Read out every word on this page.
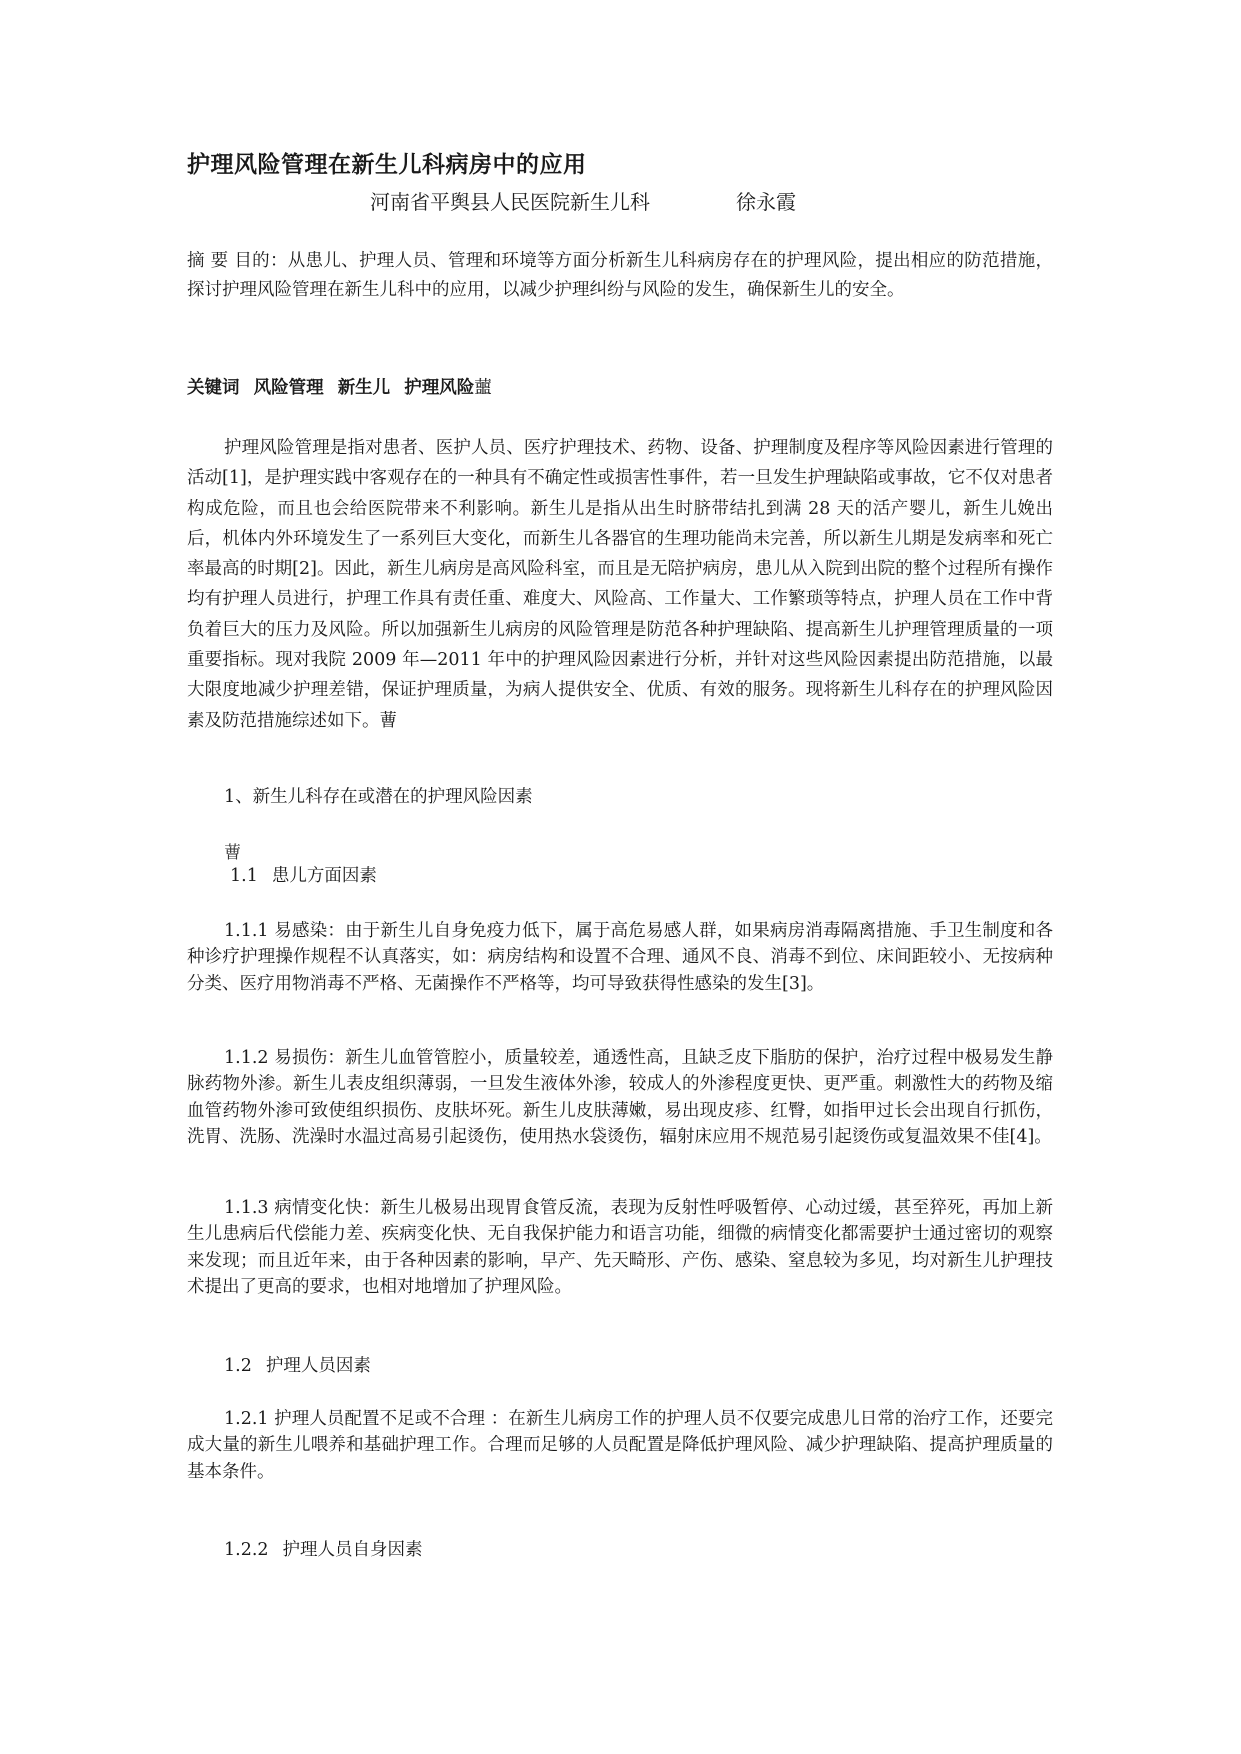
护理风险管理在新生儿科病房中的应用
河南省平舆县人民医院新生儿科	徐永霞
摘 要 目的：从患儿、护理人员、管理和环境等方面分析新生儿科病房存在的护理风险，提出相应的防范措施，探讨护理风险管理在新生儿科中的应用，以减少护理纠纷与风险的发生，确保新生儿的安全。
关键词 风险管理 新生儿 护理风险蘁
护理风险管理是指对患者、医护人员、医疗护理技术、药物、设备、护理制度及程序等风险因素进行管理的活动[1]，是护理实践中客观存在的一种具有不确定性或损害性事件，若一旦发生护理缺陷或事故，它不仅对患者构成危险，而且也会给医院带来不利影响。新生儿是指从出生时脐带结扎到满 28 天的活产婴儿，新生儿娩出后，机体内外环境发生了一系列巨大变化，而新生儿各器官的生理功能尚未完善，所以新生儿期是发病率和死亡率最高的时期[2]。因此，新生儿病房是高风险科室，而且是无陪护病房，患儿从入院到出院的整个过程所有操作均有护理人员进行，护理工作具有责任重、难度大、风险高、工作量大、工作繁琐等特点，护理人员在工作中背负着巨大的压力及风险。所以加强新生儿病房的风险管理是防范各种护理缺陷、提高新生儿护理管理质量的一项重要指标。现对我院 2009 年—2011 年中的护理风险因素进行分析，并针对这些风险因素提出防范措施，以最大限度地减少护理差错，保证护理质量，为病人提供安全、优质、有效的服务。现将新生儿科存在的护理风险因素及防范措施综述如下。蓸
1、新生儿科存在或潜在的护理风险因素
蓸
1.1 患儿方面因素
1.1.1 易感染：由于新生儿自身免疫力低下，属于高危易感人群，如果病房消毒隔离措施、手卫生制度和各种诊疗护理操作规程不认真落实，如：病房结构和设置不合理、通风不良、消毒不到位、床间距较小、无按病种分类、医疗用物消毒不严格、无菌操作不严格等，均可导致获得性感染的发生[3]。
1.1.2 易损伤：新生儿血管管腔小，质量较差，通透性高，且缺乏皮下脂肪的保护，治疗过程中极易发生静脉药物外渗。新生儿表皮组织薄弱，一旦发生液体外渗，较成人的外渗程度更快、更严重。刺激性大的药物及缩血管药物外渗可致使组织损伤、皮肤坏死。新生儿皮肤薄嫩，易出现皮疹、红臀，如指甲过长会出现自行抓伤，洗胃、洗肠、洗澡时水温过高易引起烫伤，使用热水袋烫伤，辐射床应用不规范易引起烫伤或复温效果不佳[4]。
1.1.3 病情变化快：新生儿极易出现胃食管反流，表现为反射性呼吸暂停、心动过缓，甚至猝死，再加上新生儿患病后代偿能力差、疾病变化快、无自我保护能力和语言功能，细微的病情变化都需要护士通过密切的观察来发现；而且近年来，由于各种因素的影响，早产、先天畸形、产伤、感染、窒息较为多见，均对新生儿护理技术提出了更高的要求，也相对地增加了护理风险。
1.2 护理人员因素
1.2.1 护理人员配置不足或不合理 ：在新生儿病房工作的护理人员不仅要完成患儿日常的治疗工作，还要完成大量的新生儿喂养和基础护理工作。合理而足够的人员配置是降低护理风险、减少护理缺陷、提高护理质量的基本条件。
1.2.2 护理人员自身因素
